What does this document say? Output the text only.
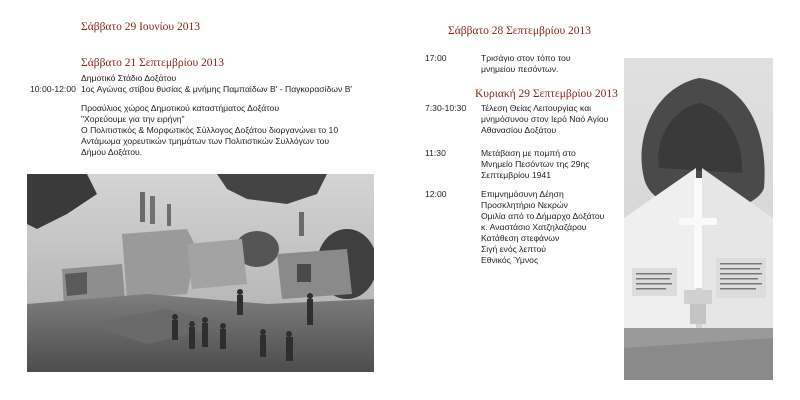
Σάββατο 29 Ιουνίου 2013
Σάββατο 21 Σεπτεμβρίου 2013
Δημοτικό Στάδιο Δοξάτου
10:00-12:00 1ος Αγώνας στίβου θυσίας & μνήμης Παμπαίδων Β' - Παγκορασίδων Β'
Προαύλιος χώρος Δημοτικού καταστήματος Δοξάτου
"Χορεύουμε για την ειρήνη"
Ο Πολιτιστικός & Μορφωτικός Σύλλογος Δοξάτου διοργανώνει το 10
Αντάμωμα χορευτικών τμημάτων των Πολιτιστικών Συλλόγων του
Δήμου Δοξάτου.
Σάββατο 28 Σεπτεμβρίου 2013
17:00	Τρισάγιο στον τόπο του
μνημείου πεσόντων.
Κυριακή 29 Σεπτεμβρίου 2013
7:30-10:30 Τέλεση Θείας Λειτουργίας και
μνημόσυνου στον Ιερό Ναό Αγίου
Αθανασίου Δοξάτου
11:30	Μετάβαση με πομπή στο
Μνημείο Πεσόντων της 29ης
Σεπτεμβρίου 1941
12:00	Επιμνημόσυνη Δέηση
Προσκλητήριο Νεκρών
Ομιλία από το Δήμαρχο Δοξάτου
κ. Αναστάσιο Χατζηλαζάρου
Κατάθεση στεφάνων
Σιγή ενός λεπτού
Εθνικός Ύμνος
